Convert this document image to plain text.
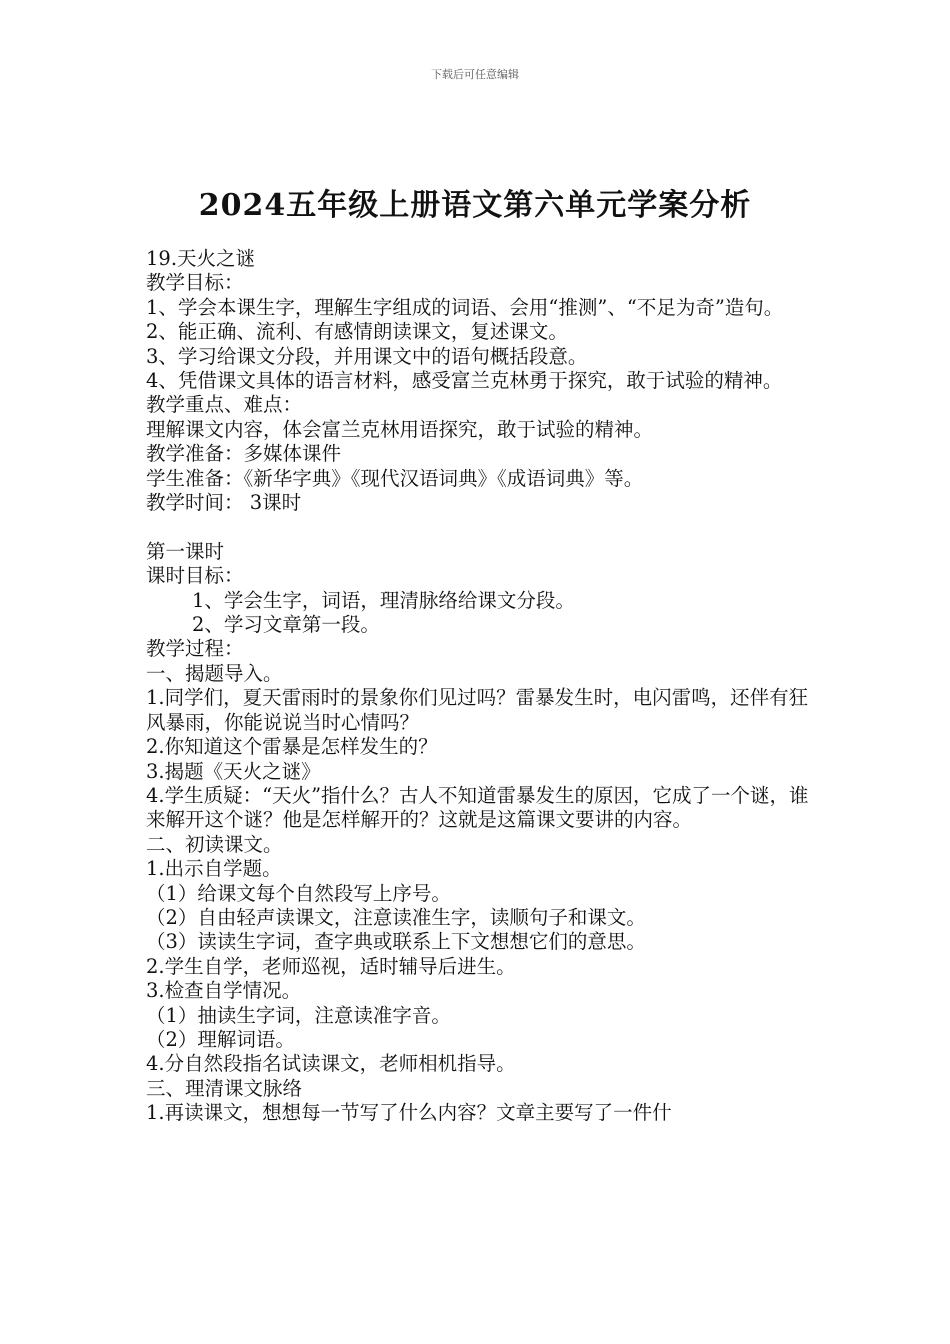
下载后可任意编辑
2024五年级上册语文第六单元学案分析

19.天火之谜

教学目标：

1、学会本课生字，理解生字组成的词语、会用“推测”、“不足为奇”造句。

2、能正确、流利、有感情朗读课文，复述课文。

3、学习给课文分段，并用课文中的语句概括段意。

4、凭借课文具体的语言材料，感受富兰克林勇于探究，敢于试验的精神。

教学重点、难点：

理解课文内容，体会富兰克林用语探究，敢于试验的精神。

教学准备：多媒体课件

学生准备：《新华字典》《现代汉语词典》《成语词典》等。

教学时间： 3课时

第一课时

课时目标：

1、学会生字，词语，理清脉络给课文分段。

2、学习文章第一段。

教学过程：

一、揭题导入。

1.同学们，夏天雷雨时的景象你们见过吗？雷暴发生时，电闪雷鸣，还伴有狂风暴雨，你能说说当时心情吗？

2.你知道这个雷暴是怎样发生的？

3.揭题《天火之谜》

4.学生质疑：“天火”指什么？古人不知道雷暴发生的原因，它成了一个谜，谁来解开这个谜？他是怎样解开的？这就是这篇课文要讲的内容。

二、初读课文。

1.出示自学题。

（1）给课文每个自然段写上序号。

（2）自由轻声读课文，注意读准生字，读顺句子和课文。

（3）读读生字词，查字典或联系上下文想想它们的意思。

2.学生自学，老师巡视，适时辅导后进生。

3.检查自学情况。

（1）抽读生字词，注意读准字音。

（2）理解词语。

4.分自然段指名试读课文，老师相机指导。

三、理清课文脉络

1.再读课文，想想每一节写了什么内容？文章主要写了一件什
